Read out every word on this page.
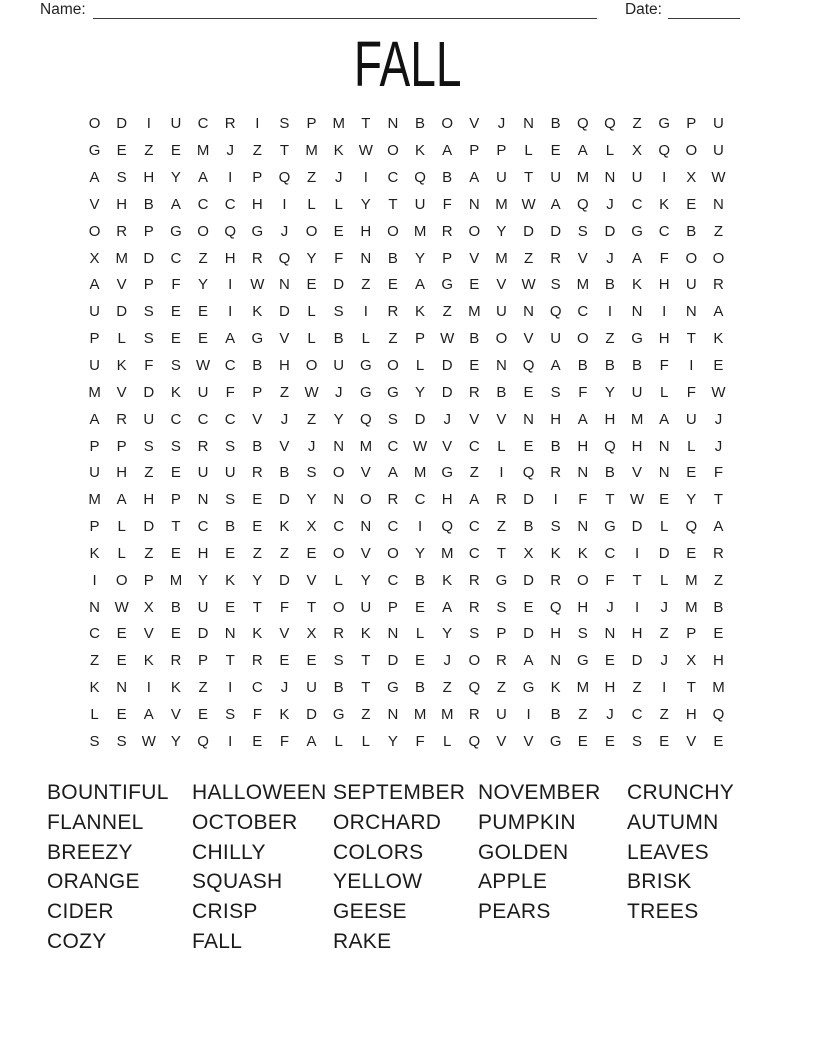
Name:	Date:
FALL
O	D	I	U	C	R	I	S	P	M	T	N	B	O	V	J	N	B	Q	Q	Z	G	P	U
G	E	Z	E	M	J	Z	T	M	K	W O	K	A	P	P	L	E	A	L	X	Q	O	U
A	S	H	Y	A	I	P	Q	Z	J	I	C	Q	B	A	U	T	U	M	N	U	I	X	W
V	H	B	A	C	C	H	I	L	L	Y	T	U	F	N	M W	A	Q	J	C	K	E	N
O	R	P	G	O	Q	G	J	O	E	H	O	M	R	O	Y	D	D	S	D	G	C	B	Z
X	M	D	C	Z	H	R	Q	Y	F	N	B	Y	P	V	M	Z	R	V	J	A	F	O	O
A	V	P	F	Y	I	W N	E	D	Z	E	A	G	E	V	W	S	M	B	K	H	U	R
U	D	S	E	E	I	K	D	L	S	I	R	K	Z	M	U	N	Q	C	I	N	I	N	A
P	L	S	E	E	A	G	V	L	B	L	Z	P	W	B	O	V	U	O	Z	G	H	T	K
U	K	F	S	W C	B	H	O	U	G	O	L	D	E	N	Q	A	B	B	B	F	I	E
M	V	D	K	U	F	P	Z	W	J	G	G	Y	D	R	B	E	S	F	Y	U	L	F	W
A	R	U	C	C	C	V	J	Z	Y	Q	S	D	J	V	V	N	H	A	H	M	A	U	J
P	P	S	S	R	S	B	V	J	N	M	C W	V	C	L	E	B	H	Q	H	N	L	J
U	H	Z	E	U	U	R	B	S	O	V	A	M	G	Z	I	Q	R	N	B	V	N	E	F
M	A	H	P	N	S	E	D	Y	N	O	R	C	H	A	R	D	I	F	T	W	E	Y	T
P	L	D	T	C	B	E	K	X	C	N	C	I	Q	C	Z	B	S	N	G	D	L	Q	A
K	L	Z	E	H	E	Z	Z	E	O	V	O	Y	M	C	T	X	K	K	C	I	D	E	R
I	O	P	M	Y	K	Y	D	V	L	Y	C	B	K	R	G	D	R	O	F	T	L	M	Z
N W	X	B	U	E	T	F	T	O	U	P	E	A	R	S	E	Q	H	J	I	J	M	B
C	E	V	E	D	N	K	V	X	R	K	N	L	Y	S	P	D	H	S	N	H	Z	P	E
Z	E	K	R	P	T	R	E	E	S	T	D	E	J	O	R	A	N	G	E	D	J	X	H
K	N	I	K	Z	I	C	J	U	B	T	G	B	Z	Q	Z	G	K	M	H	Z	I	T	M
L	E	A	V	E	S	F	K	D	G	Z	N	M M	R	U	I	B	Z	J	C	Z	H	Q
S	S	W	Y	Q	I	E	F	A	L	L	Y	F	L	Q	V	V	G	E	E	S	E	V	E
BOUNTIFUL
FLANNEL
BREEZY
ORANGE
CIDER
COZY
HALLOWEEN
OCTOBER
CHILLY
SQUASH
CRISP
FALL
SEPTEMBER
ORCHARD
COLORS
YELLOW
GEESE
RAKE
NOVEMBER
PUMPKIN
GOLDEN
APPLE
PEARS
CRUNCHY
AUTUMN
LEAVES
BRISK
TREES
